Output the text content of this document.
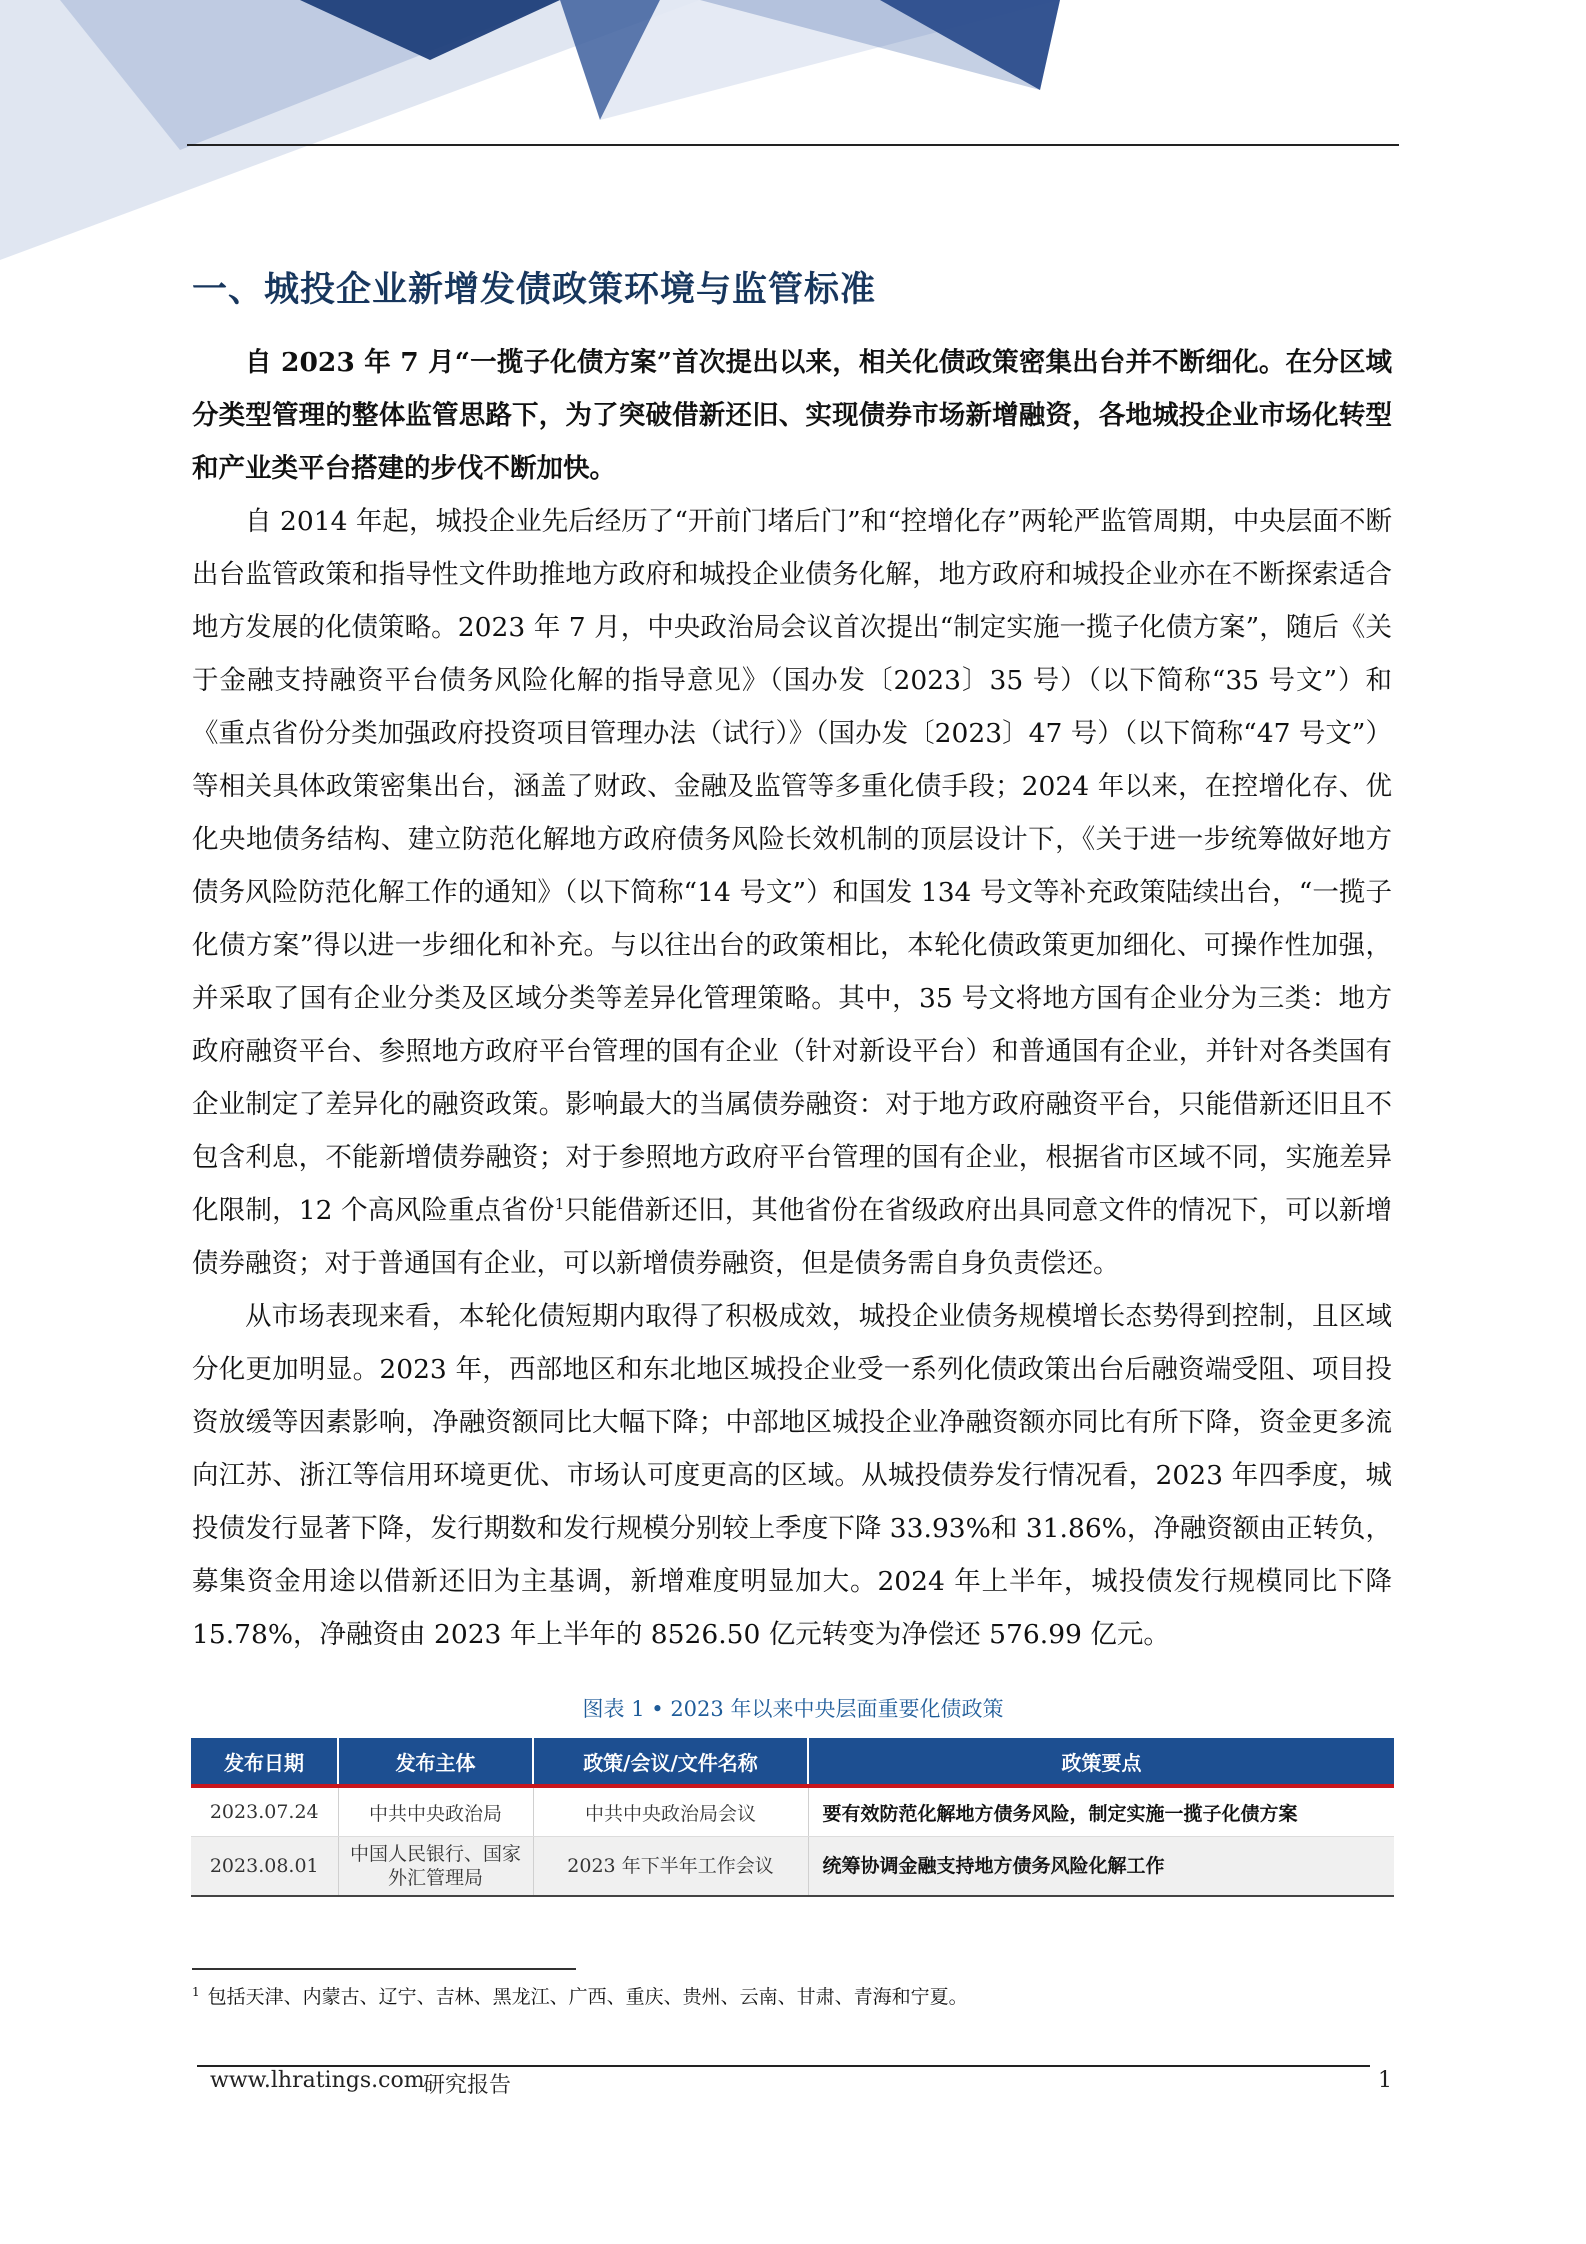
一、城投企业新增发债政策环境与监管标准

自 2023 年 7 月“一揽子化债方案”首次提出以来，相关化债政策密集出台并不断细化。在分区域分类型管理的整体监管思路下，为了突破借新还旧、实现债券市场新增融资，各地城投企业市场化转型和产业类平台搭建的步伐不断加快。

自 2014 年起，城投企业先后经历了“开前门堵后门”和“控增化存”两轮严监管周期，中央层面不断出台监管政策和指导性文件助推地方政府和城投企业债务化解，地方政府和城投企业亦在不断探索适合地方发展的化债策略。2023 年 7 月，中央政治局会议首次提出“制定实施一揽子化债方案”，随后《关于金融支持融资平台债务风险化解的指导意见》（国办发〔2023〕35 号）（以下简称“35 号文”）和《重点省份分类加强政府投资项目管理办法（试行）》（国办发〔2023〕47 号）（以下简称“47 号文”）等相关具体政策密集出台，涵盖了财政、金融及监管等多重化债手段；2024 年以来，在控增化存、优化央地债务结构、建立防范化解地方政府债务风险长效机制的顶层设计下，《关于进一步统筹做好地方债务风险防范化解工作的通知》（以下简称“14 号文”）和国发 134 号文等补充政策陆续出台，“一揽子化债方案”得以进一步细化和补充。与以往出台的政策相比，本轮化债政策更加细化、可操作性加强，并采取了国有企业分类及区域分类等差异化管理策略。其中，35 号文将地方国有企业分为三类：地方政府融资平台、参照地方政府平台管理的国有企业（针对新设平台）和普通国有企业，并针对各类国有企业制定了差异化的融资政策。影响最大的当属债券融资：对于地方政府融资平台，只能借新还旧且不包含利息，不能新增债券融资；对于参照地方政府平台管理的国有企业，根据省市区域不同，实施差异化限制，12 个高风险重点省份$^1$只能借新还旧，其他省份在省级政府出具同意文件的情况下，可以新增债券融资；对于普通国有企业，可以新增债券融资，但是债务需自身负责偿还。

从市场表现来看，本轮化债短期内取得了积极成效，城投企业债务规模增长态势得到控制，且区域分化更加明显。2023 年，西部地区和东北地区城投企业受一系列化债政策出台后融资端受阻、项目投资放缓等因素影响，净融资额同比大幅下降；中部地区城投企业净融资额亦同比有所下降，资金更多流向江苏、浙江等信用环境更优、市场认可度更高的区域。从城投债券发行情况看，2023 年四季度，城投债发行显著下降，发行期数和发行规模分别较上季度下降 33.93%和 31.86%，净融资额由正转负，募集资金用途以借新还旧为主基调，新增难度明显加大。2024 年上半年，城投债发行规模同比下降 15.78%，净融资由 2023 年上半年的 8526.50 亿元转变为净偿还 576.99 亿元。

图表 1 • 2023 年以来中央层面重要化债政策

发布日期	发布主体	政策/会议/文件名称	政策要点
2023.07.24	中共中央政治局	中共中央政治局会议	要有效防范化解地方债务风险，制定实施一揽子化债方案
2023.08.01	中国人民银行、国家外汇管理局	2023 年下半年工作会议	统筹协调金融支持地方债务风险化解工作

$^1$ 包括天津、内蒙古、辽宁、吉林、黑龙江、广西、重庆、贵州、云南、甘肃、青海和宁夏。

www.lhratings.com
研究报告	1
